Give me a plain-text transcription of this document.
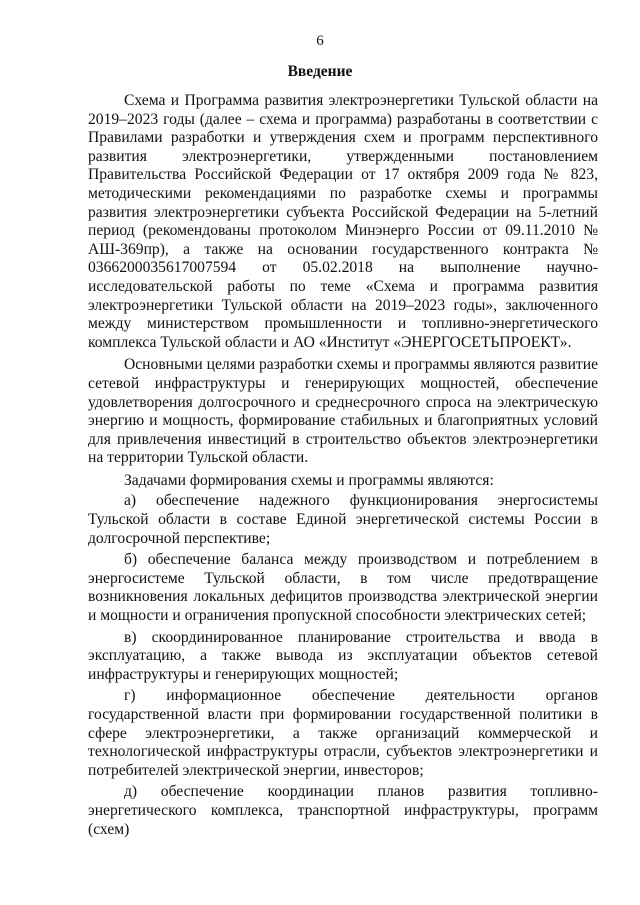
6
Введение

Схема и Программа развития электроэнергетики Тульской области на 2019–2023 годы (далее – схема и программа) разработаны в соответствии с Правилами разработки и утверждения схем и программ перспективного развития электроэнергетики, утвержденными постановлением Правительства Российской Федерации от 17 октября 2009 года № 823, методическими рекомендациями по разработке схемы и программы развития электроэнергетики субъекта Российской Федерации на 5-летний период (рекомендованы протоколом Минэнерго России от 09.11.2010 № АШ-369пр), а также на основании государственного контракта № 0366200035617007594 от 05.02.2018 на выполнение научно-исследовательской работы по теме «Схема и программа развития электроэнергетики Тульской области на 2019–2023 годы», заключенного между министерством промышленности и топливно-энергетического комплекса Тульской области и АО «Институт «ЭНЕРГОСЕТЬПРОЕКТ».

Основными целями разработки схемы и программы являются развитие сетевой инфраструктуры и генерирующих мощностей, обеспечение удовлетворения долгосрочного и среднесрочного спроса на электрическую энергию и мощность, формирование стабильных и благоприятных условий для привлечения инвестиций в строительство объектов электроэнергетики на территории Тульской области.

Задачами формирования схемы и программы являются:

а) обеспечение надежного функционирования энергосистемы Тульской области в составе Единой энергетической системы России в долгосрочной перспективе;

б) обеспечение баланса между производством и потреблением в энергосистеме Тульской области, в том числе предотвращение возникновения локальных дефицитов производства электрической энергии и мощности и ограничения пропускной способности электрических сетей;

в) скоординированное планирование строительства и ввода в эксплуатацию, а также вывода из эксплуатации объектов сетевой инфраструктуры и генерирующих мощностей;

г) информационное обеспечение деятельности органов государственной власти при формировании государственной политики в сфере электроэнергетики, а также организаций коммерческой и технологической инфраструктуры отрасли, субъектов электроэнергетики и потребителей электрической энергии, инвесторов;

д) обеспечение координации планов развития топливно-энергетического комплекса, транспортной инфраструктуры, программ (схем)
